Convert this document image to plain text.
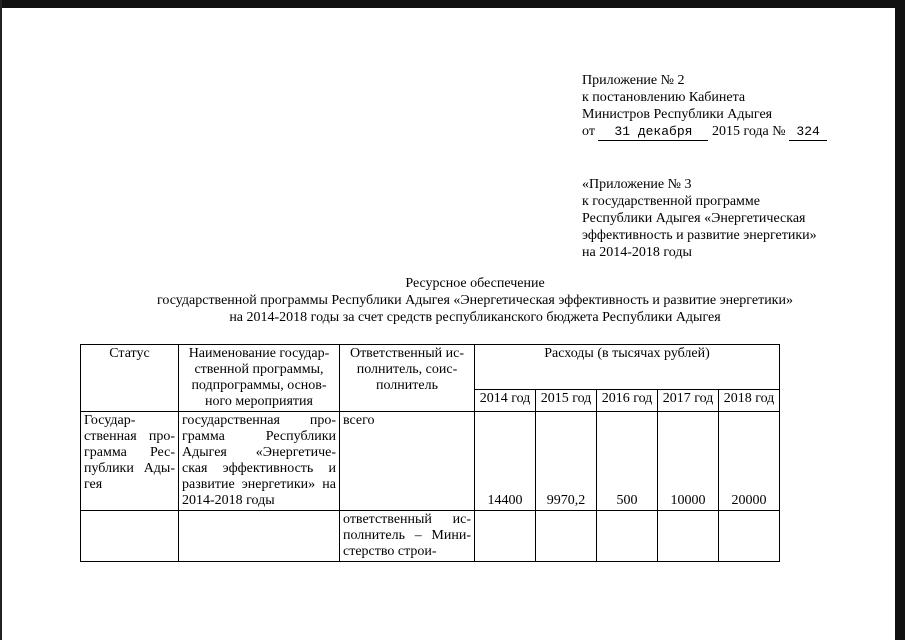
Приложение № 2
к постановлению Кабинета
Министров Республики Адыгея
от 31 декабря 2015 года № 324
«Приложение № 3
к государственной программе
Республики Адыгея «Энергетическая
эффективность и развитие энергетики»
на 2014-2018 годы
Ресурсное обеспечение
государственной программы Республики Адыгея «Энергетическая эффективность и развитие энергетики»
на 2014-2018 годы за счет средств республиканского бюджета Республики Адыгея
Статус	Наименование государ-ственной программы, подпрограммы, основ-ного мероприятия	Ответственный ис-полнитель, соис-полнитель	Расходы (в тысячах рублей)				
			2014 год	2015 год	2016 год	2017 год	2018 год
Государ-ственная про-грамма Рес-публики Ады-гея	государственная про-грамма Республики Адыгея «Энергетиче-ская эффективность и развитие энергетики» на 2014-2018 годы	всего	14400	9970,2	500	10000	20000
		ответственный ис-полнитель – Мини-стерство строи-					
